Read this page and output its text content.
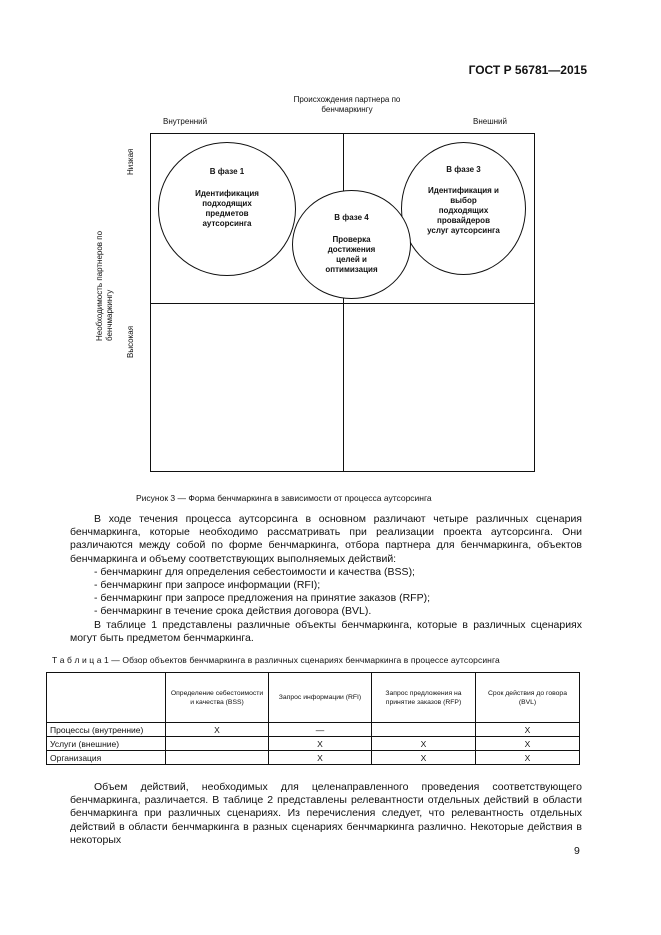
ГОСТ Р 56781—2015
Происхождения партнера по бенчмаркингу
Внутренний	Внешний
Необходимость партнеров по бенчмаркингу
Низкая
Высокая
В фазе 1
Идентификация подходящих предметов аутсорсинга
В фазе 3
Идентификация и выбор подходящих провайдеров услуг аутсорсинга
В фазе 4
Проверка достижения целей и оптимизация
Рисунок 3 — Форма бенчмаркинга в зависимости от процесса аутсорсинга

В ходе течения процесса аутсорсинга в основном различают четыре различных сценария бенчмаркинга, которые необходимо рассматривать при реализации проекта аутсорсинга. Они различаются между собой по форме бенчмаркинга, отбора партнера для бенчмаркинга, объектов бенчмаркинга и объему соответствующих выполняемых действий:

- бенчмаркинг для определения себестоимости и качества (BSS);
- бенчмаркинг при запросе информации (RFI);
- бенчмаркинг при запросе предложения на принятие заказов (RFP);
- бенчмаркинг в течение срока действия договора (BVL).

В таблице 1 представлены различные объекты бенчмаркинга, которые в различных сценариях могут быть предметом бенчмаркинга.

Т а б л и ц а 1 — Обзор объектов бенчмаркинга в различных сценариях бенчмаркинга в процессе аутсорсинга
	Определение себестоимости и качества (BSS)	Запрос информации (RFI)	Запрос предложения на принятие заказов (RFP)	Срок действия до говора (BVL)
Процессы (внутренние)	X	—		X
Услуги (внешние)		X	X	X
Организация		X	X	X

Объем действий, необходимых для целенаправленного проведения соответствующего бенчмаркинга, различается. В таблице 2 представлены релевантности отдельных действий в области бенчмаркинга при различных сценариях. Из перечисления следует, что релевантность отдельных действий в области бенчмаркинга в разных сценариях бенчмаркинга различно. Некоторые действия в некоторых

9
